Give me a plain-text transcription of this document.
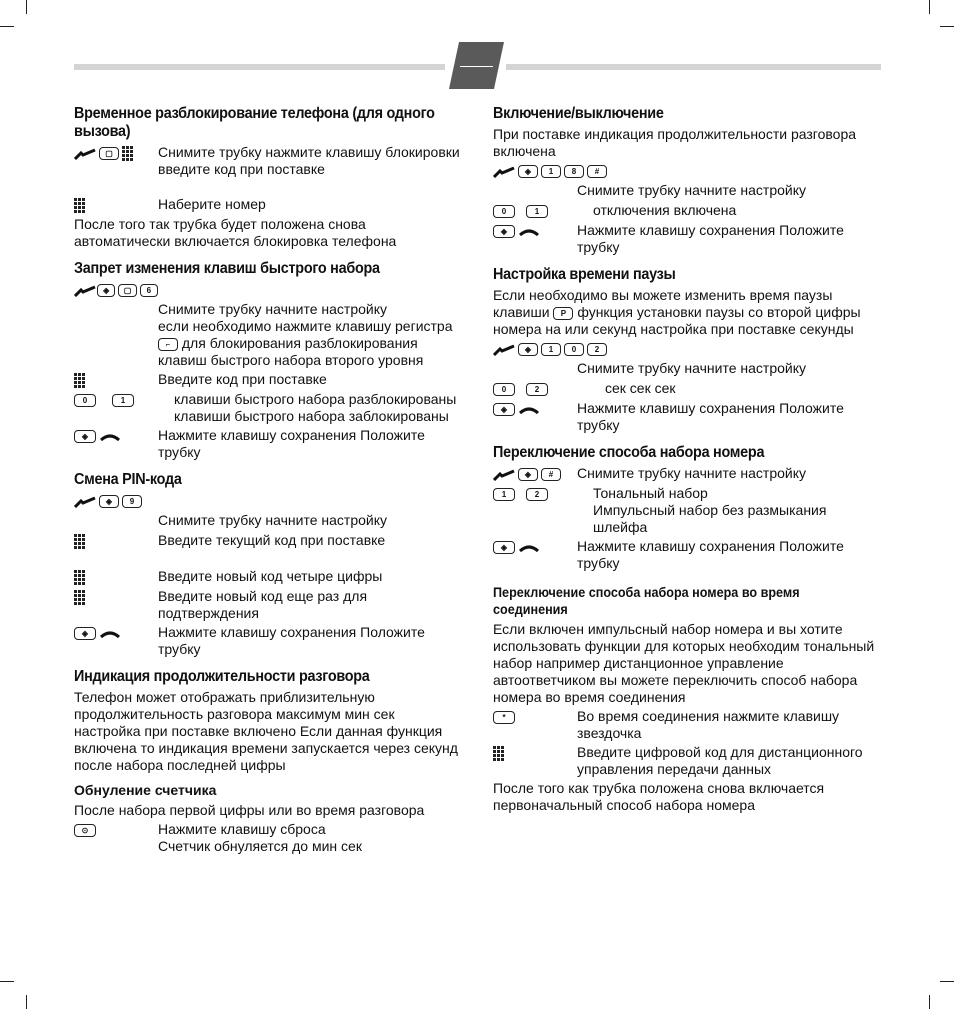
Временное разблокирование телефона (для одного вызова)
▢	Снимите трубку нажмите клавишу блокировки введите код при поставке
Наберите номер

После того так трубка будет положена снова автоматически включается блокировка телефона

Запрет изменения клавиш быстрого набора
◈	▢	6
Снимите трубку начните настройку
если необходимо нажмите клавишу регистра ⌐ для блокирования разблокирования клавиш быстрого набора второго уровня
Введите код при поставке
0	1	клавиши быстрого набора разблокированы
клавиши быстрого набора заблокированы
◈	Нажмите клавишу сохранения Положите трубку
Смена PIN-кода
◈	9
Снимите трубку начните настройку
Введите текущий код при поставке
Введите новый код четыре цифры
Введите новый код еще раз для подтверждения
◈	Нажмите клавишу сохранения Положите трубку
Индикация продолжительности разговора

Телефон может отображать приблизительную продолжительность разговора максимум мин сек настройка при поставке включено Если данная функция включена то индикация времени запускается через секунд после набора последней цифры

Обнуление счетчика

После набора первой цифры или во время разговора

⊙	Нажмите клавишу сброса
Счетчик обнуляется до мин сек
Включение/выключение

При поставке индикация продолжительности разговора включена

◈	1	8	#
Снимите трубку начните настройку
0	1	отключения включена
◈	Нажмите клавишу сохранения Положите трубку
Настройка времени паузы

Если необходимо вы можете изменить время паузы клавиши P функция установки паузы со второй цифры номера на или секунд настройка при поставке секунды

◈	1	0	2
Снимите трубку начните настройку
0	2	сек сек сек
◈	Нажмите клавишу сохранения Положите трубку
Переключение способа набора номера
◈	#	Снимите трубку начните настройку
1	2	Тональный набор
Импульсный набор без размыкания шлейфа
◈	Нажмите клавишу сохранения Положите трубку
Переключение способа набора номера во время соединения

Если включен импульсный набор номера и вы хотите использовать функции для которых необходим тональный набор например дистанционное управление автоответчиком вы можете переключить способ набора номера во время соединения

*	Во время соединения нажмите клавишу звездочка
Введите цифровой код для дистанционного управления передачи данных

После того как трубка положена снова включается первоначальный способ набора номера
